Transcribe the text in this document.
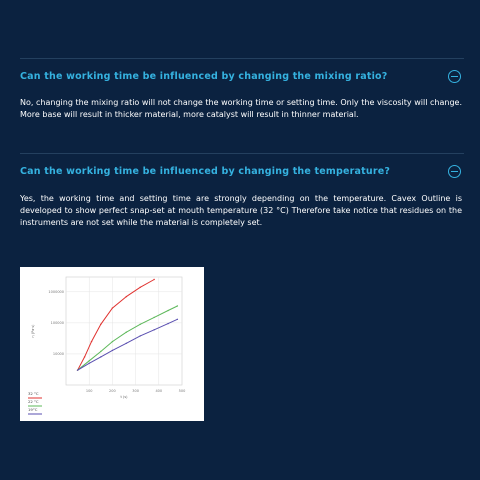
Can the working time be influenced by changing the mixing ratio?
No, changing the mixing ratio will not change the working time or setting time. Only the viscosity will change. More base will result in thicker material, more catalyst will result in thinner material.
Can the working time be influenced by changing the temperature?
Yes, the working time and setting time are strongly depending on the temperature. Cavex Outline is developed to show perfect snap-set at mouth temperature (32 °C) Therefore take notice that residues on the instruments are not set while the material is completely set.
100	200	300	400	500
10000
100000
1000000
t (s)
η (Pa·s)
32 °C
22 °C
19°C
